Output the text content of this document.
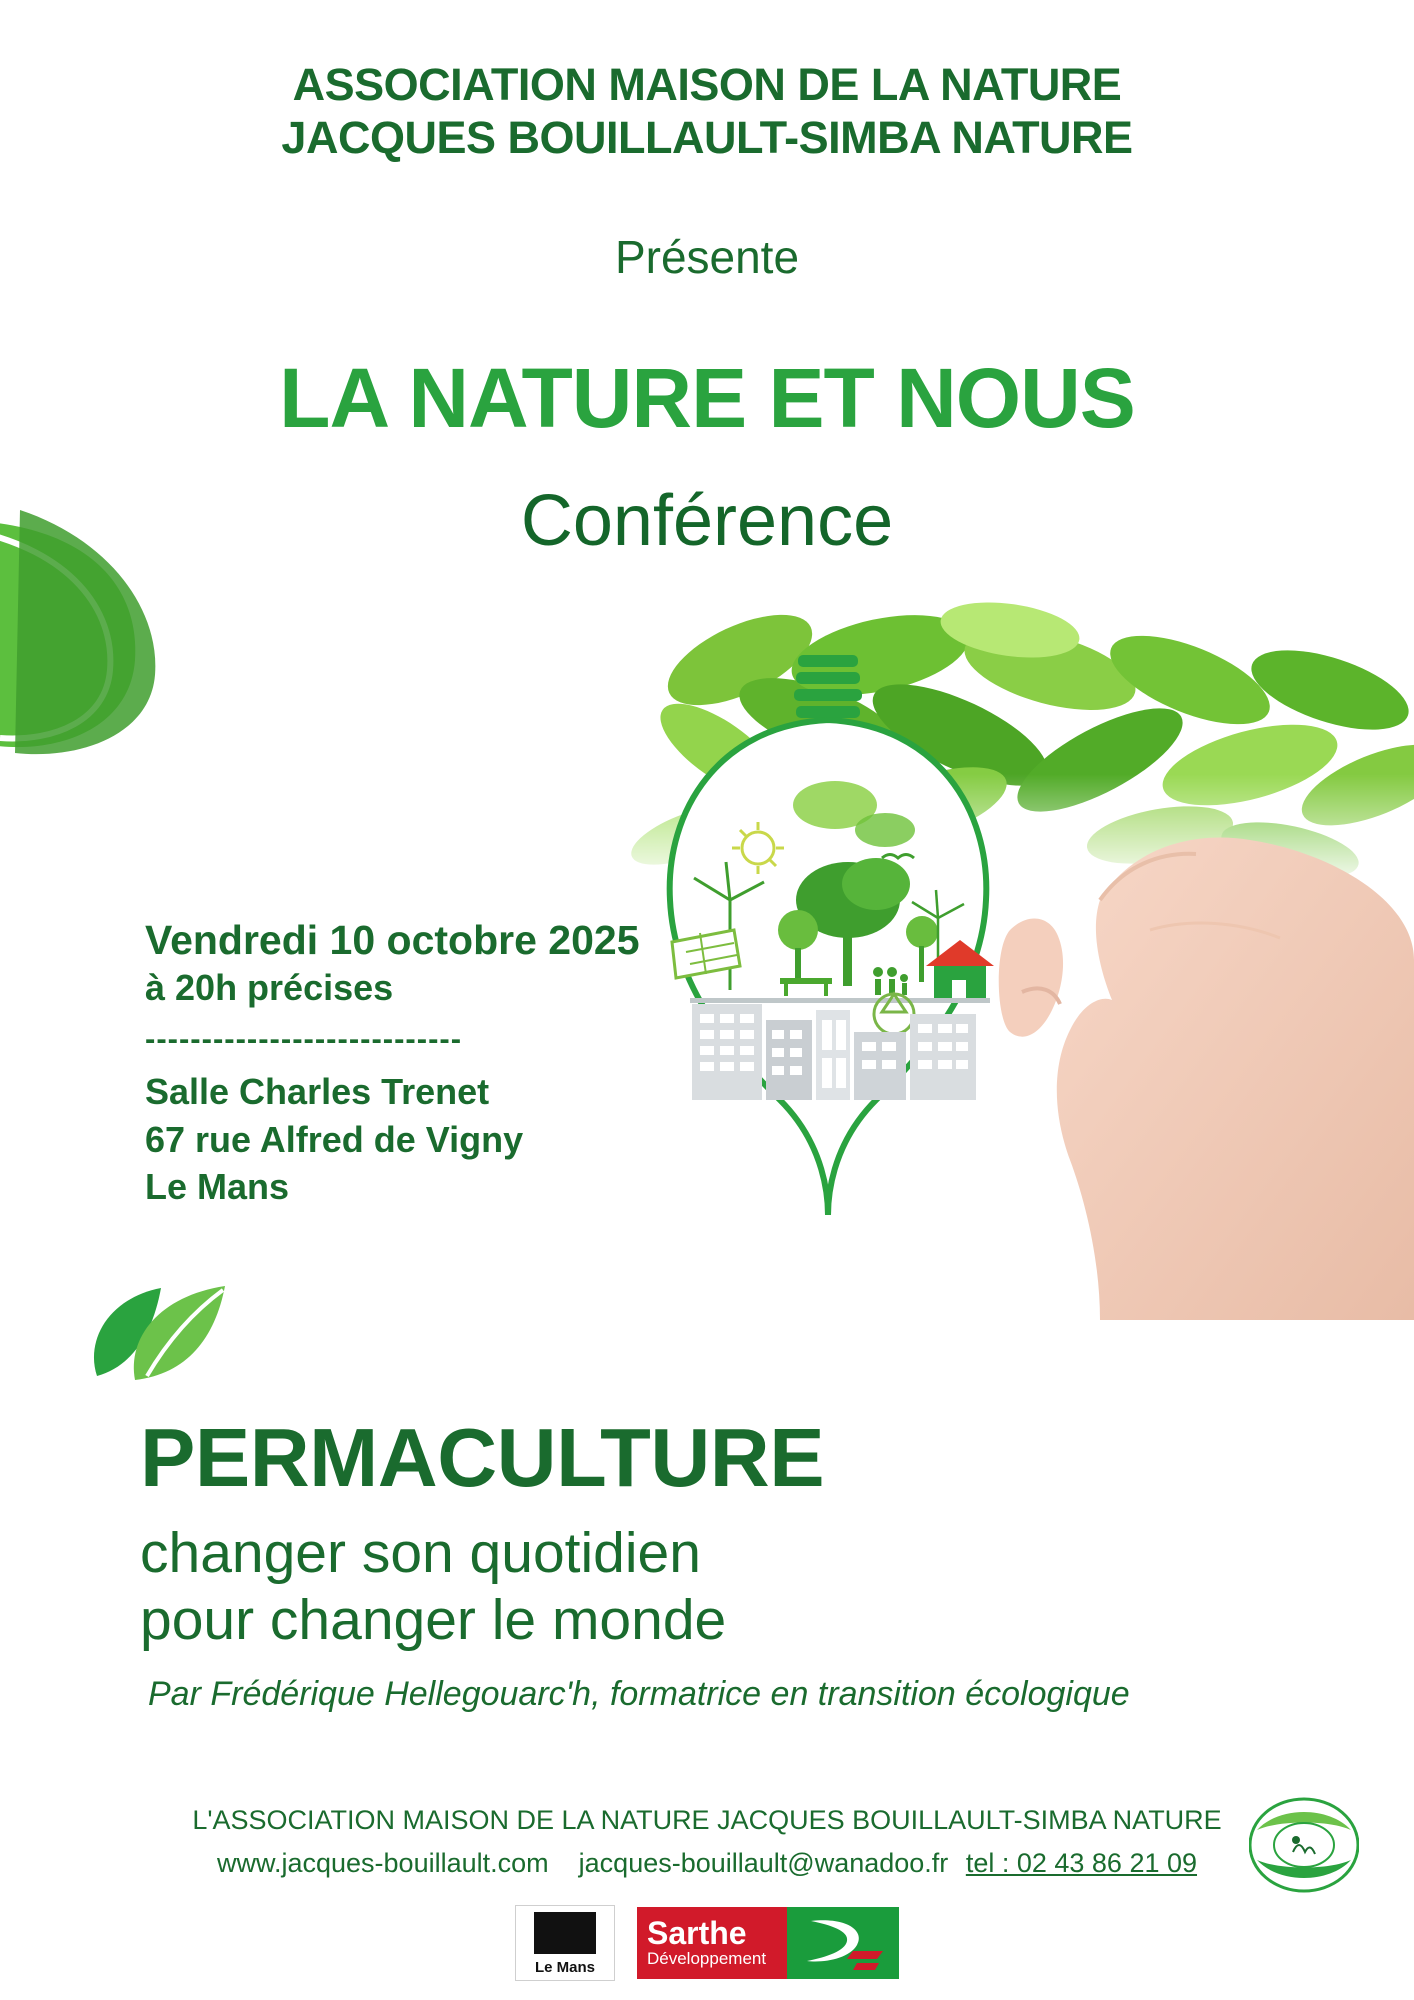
ASSOCIATION MAISON DE LA NATURE
JACQUES BOUILLAULT-SIMBA NATURE
Présente
LA NATURE ET NOUS
Conférence
Vendredi 10 octobre 2025
à 20h précises
----------------------------
Salle Charles Trenet
67 rue Alfred de Vigny
Le Mans
PERMACULTURE
changer son quotidien
pour changer le monde
Par Frédérique Hellegouarc'h, formatrice en transition écologique
L'ASSOCIATION MAISON DE LA NATURE JACQUES BOUILLAULT-SIMBA NATURE
www.jacques-bouillault.com jacques-bouillault@wanadoo.fr tel : 02 43 86 21 09
Le Mans
Sarthe
Développement
